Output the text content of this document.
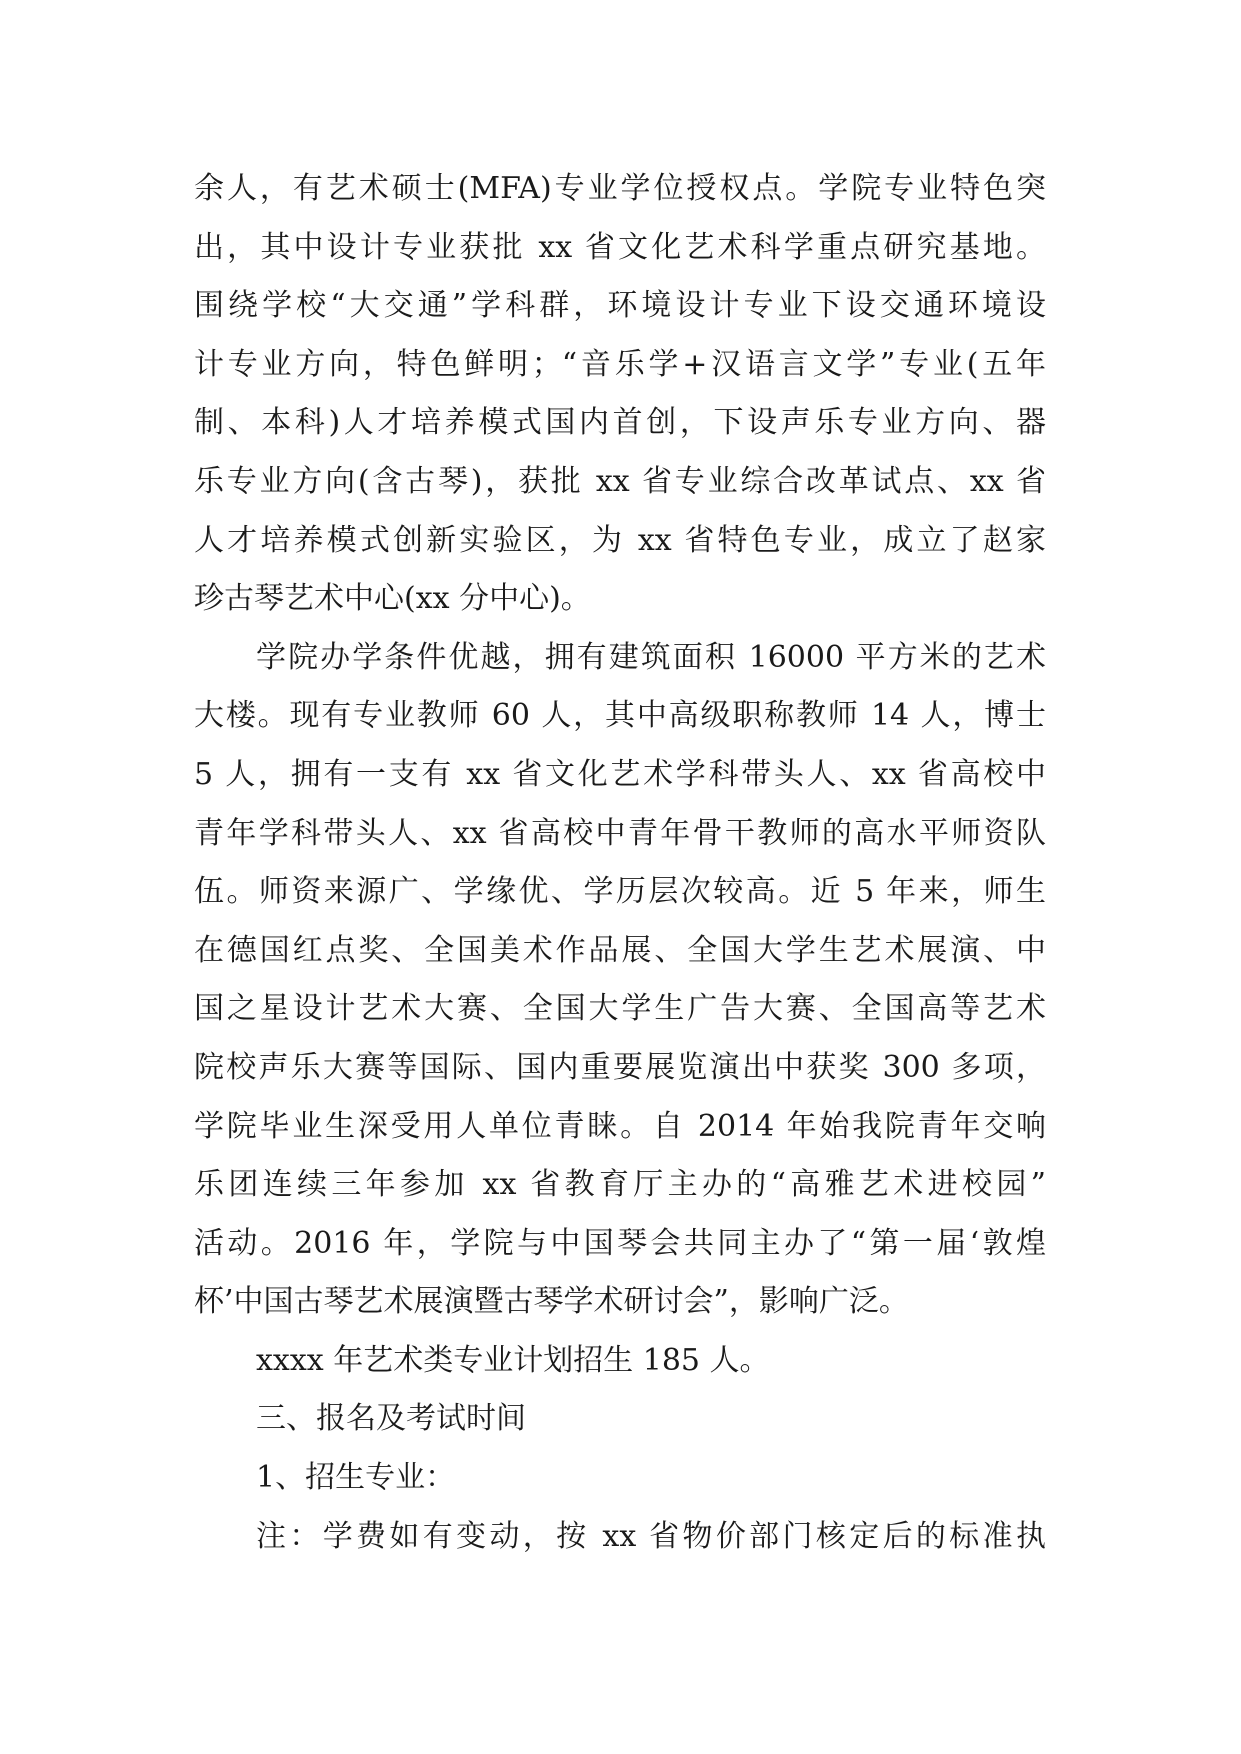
余人，有艺术硕士(MFA)专业学位授权点。学院专业特色突
出，其中设计专业获批 xx 省文化艺术科学重点研究基地。
围绕学校“大交通”学科群，环境设计专业下设交通环境设
计专业方向，特色鲜明；“音乐学+汉语言文学”专业(五年
制、本科)人才培养模式国内首创，下设声乐专业方向、器
乐专业方向(含古琴)，获批 xx 省专业综合改革试点、xx 省
人才培养模式创新实验区，为 xx 省特色专业，成立了赵家
珍古琴艺术中心(xx 分中心)。
学院办学条件优越，拥有建筑面积 16000 平方米的艺术
大楼。现有专业教师 60 人，其中高级职称教师 14 人，博士
5 人，拥有一支有 xx 省文化艺术学科带头人、xx 省高校中
青年学科带头人、xx 省高校中青年骨干教师的高水平师资队
伍。师资来源广、学缘优、学历层次较高。近 5 年来，师生
在德国红点奖、全国美术作品展、全国大学生艺术展演、中
国之星设计艺术大赛、全国大学生广告大赛、全国高等艺术
院校声乐大赛等国际、国内重要展览演出中获奖 300 多项，
学院毕业生深受用人单位青睐。自 2014 年始我院青年交响
乐团连续三年参加 xx 省教育厅主办的“高雅艺术进校园”
活动。2016 年，学院与中国琴会共同主办了“第一届‘敦煌
杯’中国古琴艺术展演暨古琴学术研讨会”，影响广泛。
xxxx 年艺术类专业计划招生 185 人。
三、报名及考试时间
1、招生专业：
注：学费如有变动，按 xx 省物价部门核定后的标准执
